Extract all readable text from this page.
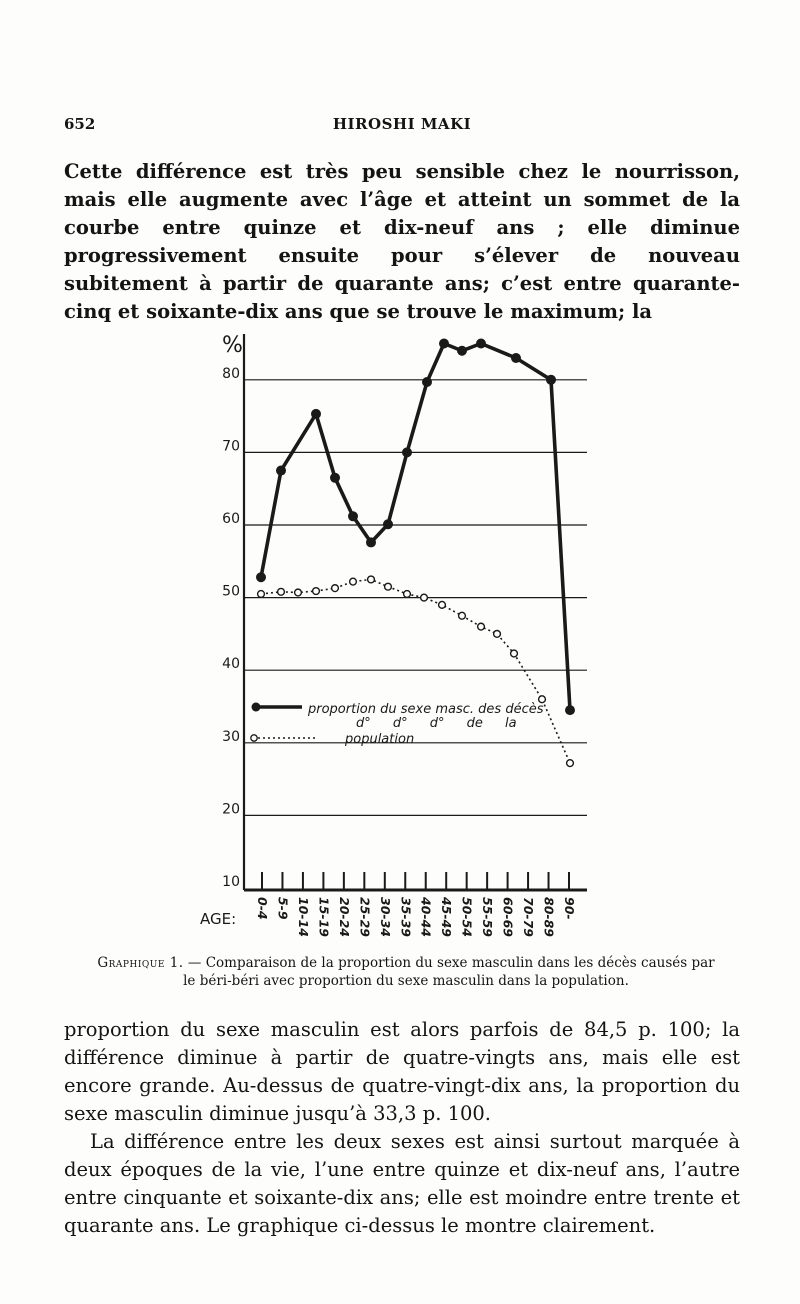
652	HIROSHI MAKI

Cette différence est très peu sensible chez le nourrisson, mais elle augmente avec l’âge et atteint un sommet de la courbe entre quinze et dix-neuf ans ; elle diminue progressivement ensuite pour s’élever de nouveau subitement à partir de quarante ans; c’est entre quarante-cinq et soixante-dix ans que se trouve le maximum; la

%
10
20
30
40
50
60
70
80
0-4 5-9 10-14 15-19 20-24 25-29 30-34 35-39 40-44 45-49 50-54 55-59 60-69 70-79 80-89 90-
AGE:
proportion du sexe masc. des décès
d° d° d° de la
population
Graphique 1. — Comparaison de la proportion du sexe masculin dans les décès causés par le béri-béri avec proportion du sexe masculin dans la population.

proportion du sexe masculin est alors parfois de 84,5 p. 100; la différence diminue à partir de quatre-vingts ans, mais elle est encore grande. Au-dessus de quatre-vingt-dix ans, la proportion du sexe masculin diminue jusqu’à 33,3 p. 100.

La différence entre les deux sexes est ainsi surtout marquée à deux époques de la vie, l’une entre quinze et dix-neuf ans, l’autre entre cinquante et soixante-dix ans; elle est moindre entre trente et quarante ans. Le graphique ci-dessus le montre clairement.
